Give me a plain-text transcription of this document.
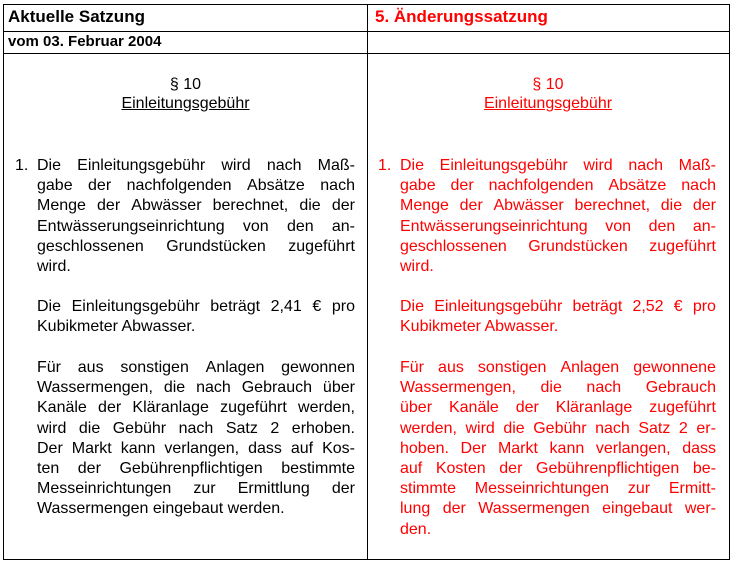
Aktuelle Satzung	5. Änderungssatzung
vom 03. Februar 2004
§ 10
Einleitungsgebühr
§ 10
Einleitungsgebühr
1. Die Einleitungsgebühr wird nach Maß-
gabe der nachfolgenden Absätze nach
Menge der Abwässer berechnet, die der
Entwässerungseinrichtung von den an-
geschlossenen Grundstücken zugeführt
wird.
Die Einleitungsgebühr beträgt 2,41 € pro
Kubikmeter Abwasser.
Für aus sonstigen Anlagen gewonnen
Wassermengen, die nach Gebrauch über
Kanäle der Kläranlage zugeführt werden,
wird die Gebühr nach Satz 2 erhoben.
Der Markt kann verlangen, dass auf Kos-
ten der Gebührenpflichtigen bestimmte
Messeinrichtungen zur Ermittlung der
Wassermengen eingebaut werden.
1. Die Einleitungsgebühr wird nach Maß-
gabe der nachfolgenden Absätze nach
Menge der Abwässer berechnet, die der
Entwässerungseinrichtung von den an-
geschlossenen Grundstücken zugeführt
wird.
Die Einleitungsgebühr beträgt 2,52 € pro
Kubikmeter Abwasser.
Für aus sonstigen Anlagen gewonnene
Wassermengen, die nach Gebrauch
über Kanäle der Kläranlage zugeführt
werden, wird die Gebühr nach Satz 2 er-
hoben. Der Markt kann verlangen, dass
auf Kosten der Gebührenpflichtigen be-
stimmte Messeinrichtungen zur Ermitt-
lung der Wassermengen eingebaut wer-
den.
